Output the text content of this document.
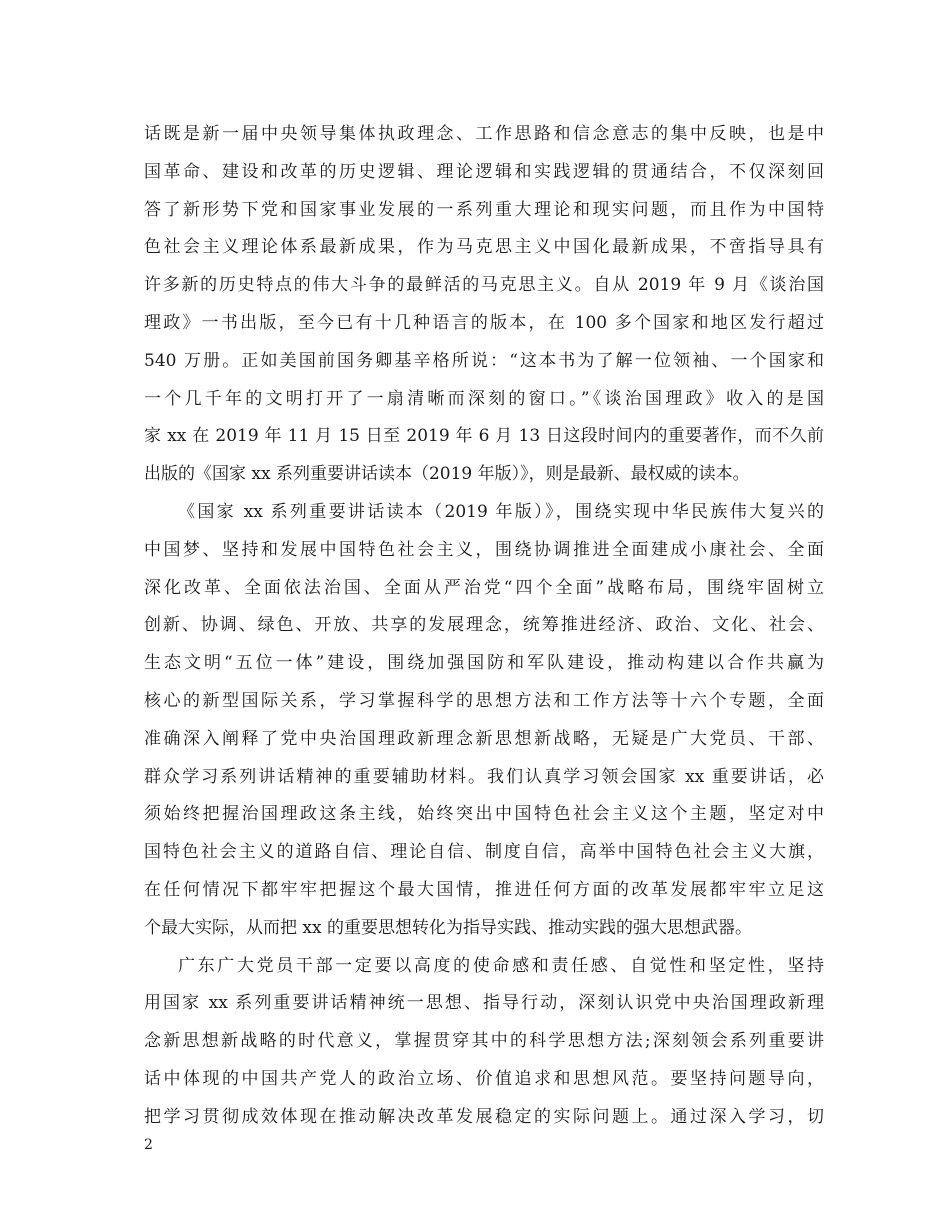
话既是新一届中央领导集体执政理念、工作思路和信念意志的集中反映，也是中
国革命、建设和改革的历史逻辑、理论逻辑和实践逻辑的贯通结合，不仅深刻回
答了新形势下党和国家事业发展的一系列重大理论和现实问题，而且作为中国特
色社会主义理论体系最新成果，作为马克思主义中国化最新成果，不啻指导具有
许多新的历史特点的伟大斗争的最鲜活的马克思主义。自从 2019 年 9 月《谈治国
理政》一书出版，至今已有十几种语言的版本，在 100 多个国家和地区发行超过
540 万册。正如美国前国务卿基辛格所说：“这本书为了解一位领袖、一个国家和
一个几千年的文明打开了一扇清晰而深刻的窗口。”《谈治国理政》收入的是国
家 xx 在 2019 年 11 月 15 日至 2019 年 6 月 13 日这段时间内的重要著作，而不久前
出版的《国家 xx 系列重要讲话读本（2019 年版）》，则是最新、最权威的读本。
《国家 xx 系列重要讲话读本（2019 年版）》，围绕实现中华民族伟大复兴的
中国梦、坚持和发展中国特色社会主义，围绕协调推进全面建成小康社会、全面
深化改革、全面依法治国、全面从严治党“四个全面”战略布局，围绕牢固树立
创新、协调、绿色、开放、共享的发展理念，统筹推进经济、政治、文化、社会、
生态文明“五位一体”建设，围绕加强国防和军队建设，推动构建以合作共赢为
核心的新型国际关系，学习掌握科学的思想方法和工作方法等十六个专题，全面
准确深入阐释了党中央治国理政新理念新思想新战略，无疑是广大党员、干部、
群众学习系列讲话精神的重要辅助材料。我们认真学习领会国家 xx 重要讲话，必
须始终把握治国理政这条主线，始终突出中国特色社会主义这个主题，坚定对中
国特色社会主义的道路自信、理论自信、制度自信，高举中国特色社会主义大旗，
在任何情况下都牢牢把握这个最大国情，推进任何方面的改革发展都牢牢立足这
个最大实际，从而把 xx 的重要思想转化为指导实践、推动实践的强大思想武器。
广东广大党员干部一定要以高度的使命感和责任感、自觉性和坚定性，坚持
用国家 xx 系列重要讲话精神统一思想、指导行动，深刻认识党中央治国理政新理
念新思想新战略的时代意义，掌握贯穿其中的科学思想方法;深刻领会系列重要讲
话中体现的中国共产党人的政治立场、价值追求和思想风范。要坚持问题导向，
把学习贯彻成效体现在推动解决改革发展稳定的实际问题上。通过深入学习，切
2
